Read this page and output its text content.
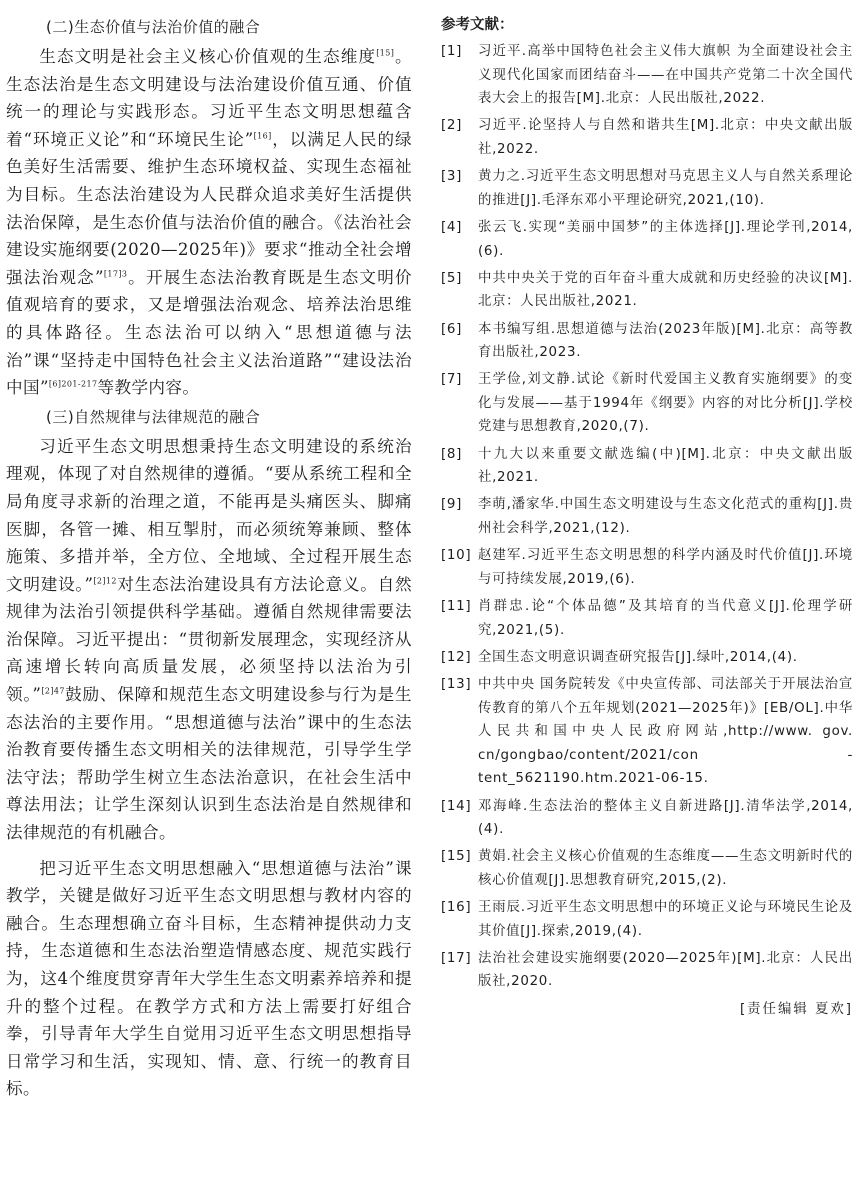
(二)生态价值与法治价值的融合

生态文明是社会主义核心价值观的生态维度[15]。生态法治是生态文明建设与法治建设价值互通、价值统一的理论与实践形态。习近平生态文明思想蕴含着“环境正义论”和“环境民生论”[16]，以满足人民的绿色美好生活需要、维护生态环境权益、实现生态福祉为目标。生态法治建设为人民群众追求美好生活提供法治保障，是生态价值与法治价值的融合。《法治社会建设实施纲要(2020—2025年)》要求“推动全社会增强法治观念”$^{[17]3}$。开展生态法治教育既是生态文明价值观培育的要求，又是增强法治观念、培养法治思维的具体路径。生态法治可以纳入“思想道德与法治”课“坚持走中国特色社会主义法治道路”“建设法治中国”$^{[6]201-217}$等教学内容。

(三)自然规律与法律规范的融合

习近平生态文明思想秉持生态文明建设的系统治理观，体现了对自然规律的遵循。“要从系统工程和全局角度寻求新的治理之道，不能再是头痛医头、脚痛医脚，各管一摊、相互掣肘，而必须统筹兼顾、整体施策、多措并举，全方位、全地域、全过程开展生态文明建设。”$^{[2]12}$对生态法治建设具有方法论意义。自然规律为法治引领提供科学基础。遵循自然规律需要法治保障。习近平提出：“贯彻新发展理念，实现经济从高速增长转向高质量发展，必须坚持以法治为引领。”$^{[2]47}$鼓励、保障和规范生态文明建设参与行为是生态法治的主要作用。“思想道德与法治”课中的生态法治教育要传播生态文明相关的法律规范，引导学生学法守法；帮助学生树立生态法治意识，在社会生活中尊法用法；让学生深刻认识到生态法治是自然规律和法律规范的有机融合。

把习近平生态文明思想融入“思想道德与法治”课教学，关键是做好习近平生态文明思想与教材内容的融合。生态理想确立奋斗目标，生态精神提供动力支持，生态道德和生态法治塑造情感态度、规范实践行为，这4个维度贯穿青年大学生生态文明素养培养和提升的整个过程。在教学方式和方法上需要打好组合拳，引导青年大学生自觉用习近平生态文明思想指导日常学习和生活，实现知、情、意、行统一的教育目标。

参考文献：
[1]	习近平.高举中国特色社会主义伟大旗帜 为全面建设社会主义现代化国家而团结奋斗——在中国共产党第二十次全国代表大会上的报告[M].北京：人民出版社,2022.
[2]	习近平.论坚持人与自然和谐共生[M].北京：中央文献出版社,2022.
[3]	黄力之.习近平生态文明思想对马克思主义人与自然关系理论的推进[J].毛泽东邓小平理论研究,2021,(10).
[4]	张云飞.实现“美丽中国梦”的主体选择[J].理论学刊,2014,(6).
[5]	中共中央关于党的百年奋斗重大成就和历史经验的决议[M].北京：人民出版社,2021.
[6]	本书编写组.思想道德与法治(2023年版)[M].北京：高等教育出版社,2023.
[7]	王学俭,刘文静.试论《新时代爱国主义教育实施纲要》的变化与发展——基于1994年《纲要》内容的对比分析[J].学校党建与思想教育,2020,(7).
[8]	十九大以来重要文献选编(中)[M].北京：中央文献出版社,2021.
[9]	李萌,潘家华.中国生态文明建设与生态文化范式的重构[J].贵州社会科学,2021,(12).
[10] 赵建军.习近平生态文明思想的科学内涵及时代价值[J].环境与可持续发展,2019,(6).
[11] 肖群忠.论“个体品德”及其培育的当代意义[J].伦理学研究,2021,(5).
[12] 全国生态文明意识调查研究报告[J].绿叶,2014,(4).
[13] 中共中央 国务院转发《中央宣传部、司法部关于开展法治宣传教育的第八个五年规划(2021—2025年)》[EB/OL].中华人民共和国中央人民政府网站,http://www. gov. cn/gongbao/content/2021/con - tent_5621190.htm.2021-06-15.
[14] 邓海峰.生态法治的整体主义自新进路[J].清华法学,2014,(4).
[15] 黄娟.社会主义核心价值观的生态维度——生态文明新时代的核心价值观[J].思想教育研究,2015,(2).
[16] 王雨辰.习近平生态文明思想中的环境正义论与环境民生论及其价值[J].探索,2019,(4).
[17] 法治社会建设实施纲要(2020—2025年)[M].北京：人民出版社,2020.
[责任编辑 夏欢]
